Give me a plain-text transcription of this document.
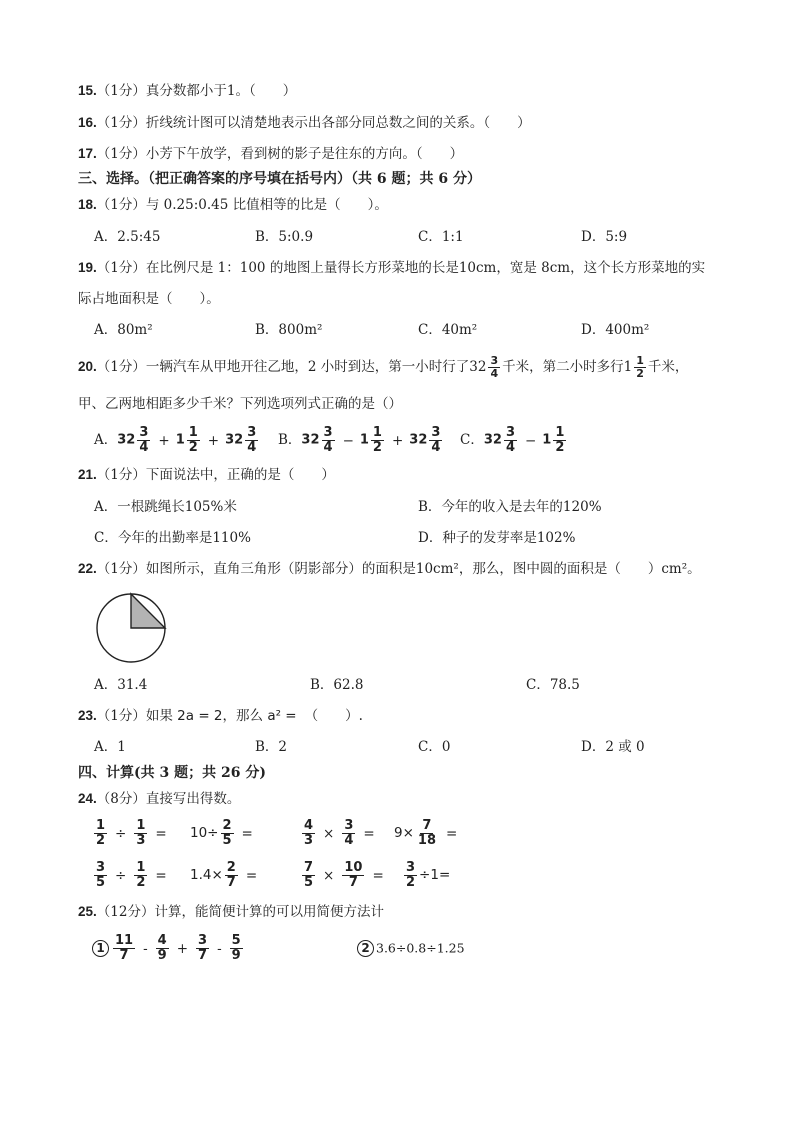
15.（1分）真分数都小于1。（　　）
16.（1分）折线统计图可以清楚地表示出各部分同总数之间的关系。（　　）
17.（1分）小芳下午放学，看到树的影子是往东的方向。（　　）
三、选择。（把正确答案的序号填在括号内）（共 6 题；共 6 分）
18.（1分）与 0.25:0.45 比值相等的比是（　　）。
A．2.5:45	B．5:0.9	C．1:1	D．5:9
19.（1分）在比例尺是 1：100 的地图上量得长方形菜地的长是10cm，宽是 8cm，这个长方形菜地的实
际占地面积是（　　）。
A．80m²	B．800m²	C．40m²	D．400m²
20.（1分）一辆汽车从甲地开往乙地，2 小时到达，第一小时行了$32 \frac{3}{4}$ 千米，第二小时多行$1 \frac{1}{2}$ 千米，
甲、乙两地相距多少千米？下列选项列式正确的是（）
A．$32 \frac{3}{4} + 1 \frac{1}{2} + 32 \frac{3}{4}$ B．$32 \frac{3}{4} - 1 \frac{1}{2} + 32 \frac{3}{4}$ C．$32 \frac{3}{4} - 1 \frac{1}{2}$
21.（1分）下面说法中，正确的是（　　）
A．一根跳绳长105%米	B．今年的收入是去年的120%
C．今年的出勤率是110%	D．种子的发芽率是102%
22.（1分）如图所示，直角三角形（阴影部分）的面积是10cm²，那么，图中圆的面积是（　　）cm²。
A．31.4	B．62.8	C．78.5
23.（1分）如果 2a = 2，那么 a² = （　　）.
A．1	B．2	C．0	D．2 或 0
四、计算(共 3 题；共 26 分)
24.（8分）直接写出得数。
$\frac{1}{2} \div \frac{1}{3}$ =	$10\div \frac{2}{5}$ =	$\frac{4}{3} \times \frac{3}{4}$ =	$9\times \frac{7}{18}$ =
$\frac{3}{5} \div \frac{1}{2}$ =	$1.4\times \frac{2}{7}$ =	$\frac{7}{5} \times \frac{10}{7}$ =	$\frac{3}{2} \div 1=$
25.（12分）计算，能简便计算的可以用简便方法计
$1 \frac{11}{7} - \frac{4}{9} + \frac{3}{7} - \frac{5}{9}$	2 3.6÷0.8÷1.25
